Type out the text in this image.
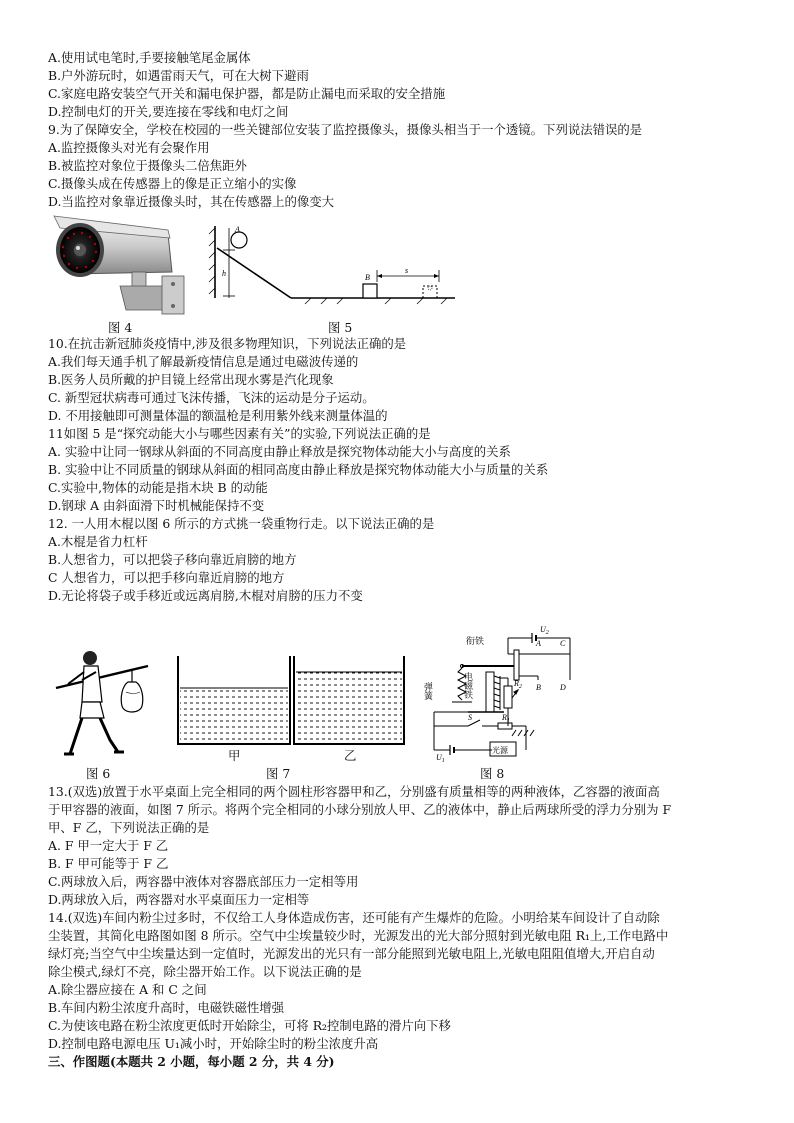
A.使用试电笔时,手要接触笔尾金属体
B.户外游玩时，如遇雷雨天气，可在大树下避雨
C.家庭电路安装空气开关和漏电保护器，都是防止漏电而采取的安全措施
D.控制电灯的开关,要连接在零线和电灯之间
9.为了保障安全，学校在校园的一些关键部位安装了监控摄像头，摄像头相当于一个透镜。下列说法错误的是
A.监控摄像头对光有会聚作用
B.被监控对象位于摄像头二倍焦距外
C.摄像头成在传感器上的像是正立缩小的实像
D.当监控对象靠近摄像头时，其在传感器上的像变大
A
h	B
s
图 4	图 5
10.在抗击新冠肺炎疫情中,涉及很多物理知识，下列说法正确的是
A.我们每天通手机了解最新疫情信息是通过电磁波传递的
B.医务人员所戴的护目镜上经常出现水雾是汽化现象
C. 新型冠状病毒可通过飞沫传播，飞沫的运动是分子运动。
D. 不用接触即可测量体温的额温枪是利用紫外线来测量体温的
11如图 5 是“探究动能大小与哪些因素有关”的实验,下列说法正确的是
A. 实验中让同一钢球从斜面的不同高度由静止释放是探究物体动能大小与高度的关系
B. 实验中让不同质量的钢球从斜面的相同高度由静止释放是探究物体动能大小与质量的关系
C.实验中,物体的动能是指木块 B 的动能
D.钢球 A 由斜面滑下时机械能保持不变
12. 一人用木棍以图 6 所示的方式挑一袋重物行走。以下说法正确的是
A.木棍是省力杠杆
B.人想省力，可以把袋子移向靠近肩膀的地方
C 人想省力，可以把手移向靠近肩膀的地方
D.无论将袋子或手移近或远离肩膀,木棍对肩膀的压力不变
甲	乙
衔铁
弹簧	电磁铁
光源
A C
B D
$U_2$
$U_1$
$R_2$
$R_1$
S
图 6	图 7	图 8
13.(双选)放置于水平桌面上完全相同的两个圆柱形容器甲和乙，分别盛有质量相等的两种液体，乙容器的液面高
于甲容器的液面，如图 7 所示。将两个完全相同的小球分别放人甲、乙的液体中，静止后两球所受的浮力分别为 F
甲、F 乙，下列说法正确的是
A. F 甲一定大于 F 乙
B. F 甲可能等于 F 乙
C.两球放入后，两容器中液体对容器底部压力一定相等用
D.两球放入后，两容器对水平桌面压力一定相等
14.(双选)车间内粉尘过多时，不仅给工人身体造成伤害，还可能有产生爆炸的危险。小明给某车间设计了自动除
尘装置，其简化电路图如图 8 所示。空气中尘埃量较少时，光源发出的光大部分照射到光敏电阻 R₁上,工作电路中
绿灯亮;当空气中尘埃量达到一定值时，光源发出的光只有一部分能照到光敏电阻上,光敏电阻阻值增大,开启自动
除尘模式,绿灯不亮，除尘器开始工作。以下说法正确的是
A.除尘器应接在 A 和 C 之间
B.车间内粉尘浓度升高时，电磁铁磁性增强
C.为使该电路在粉尘浓度更低时开始除尘，可将 R₂控制电路的滑片向下移
D.控制电路电源电压 U₁减小时，开始除尘时的粉尘浓度升高
三、作图题(本题共 2 小题，每小题 2 分，共 4 分)
